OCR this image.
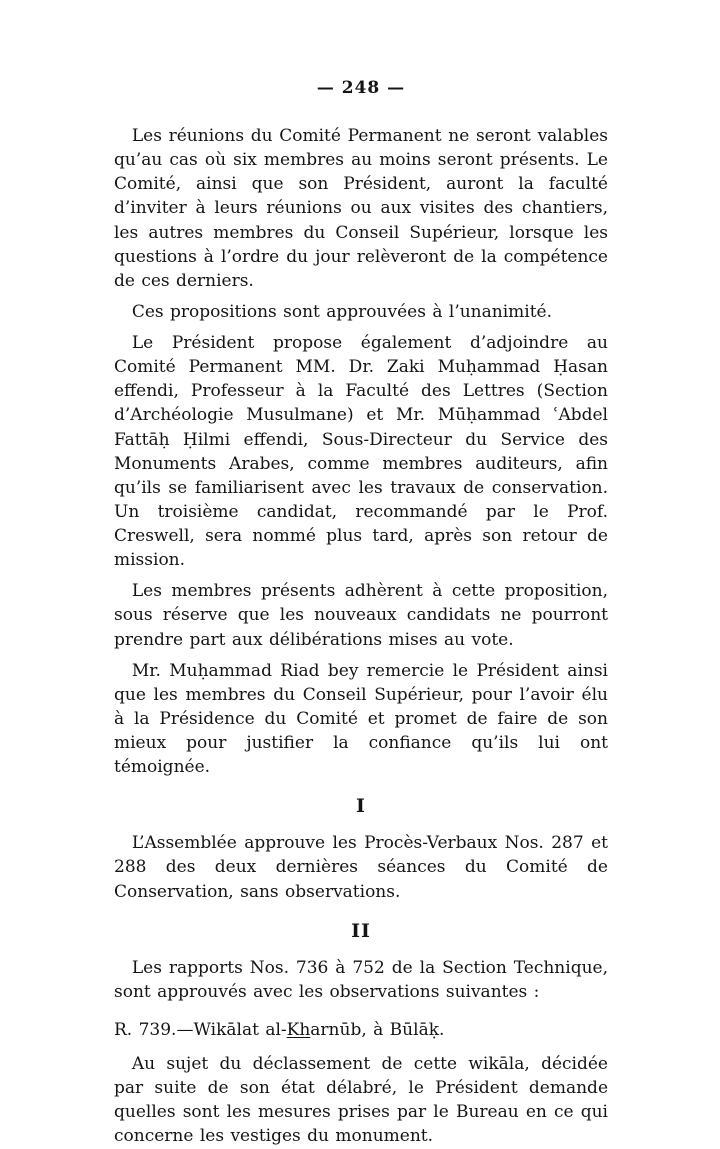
— 248 —

Les réunions du Comité Permanent ne seront valables qu’au cas où six membres au moins seront présents. Le Comité, ainsi que son Président, auront la faculté d’inviter à leurs réunions ou aux visites des chantiers, les autres membres du Conseil Supérieur, lorsque les questions à l’ordre du jour relèveront de la compétence de ces derniers.

Ces propositions sont approuvées à l’unanimité.

Le Président propose également d’adjoindre au Comité Permanent MM. Dr. Zaki Muḥammad Ḥasan effendi, Professeur à la Faculté des Lettres (Section d’Archéologie Musulmane) et Mr. Mūḥammad ʿAbdel Fattāḥ Ḥilmi effendi, Sous-Directeur du Service des Monuments Arabes, comme membres auditeurs, afin qu’ils se familiarisent avec les travaux de conservation. Un troisième candidat, recommandé par le Prof. Creswell, sera nommé plus tard, après son retour de mission.

Les membres présents adhèrent à cette proposition, sous réserve que les nouveaux candidats ne pourront prendre part aux délibérations mises au vote.

Mr. Muḥammad Riad bey remercie le Président ainsi que les membres du Conseil Supérieur, pour l’avoir élu à la Présidence du Comité et promet de faire de son mieux pour justifier la confiance qu’ils lui ont témoignée.

I

L’Assemblée approuve les Procès-Verbaux Nos. 287 et 288 des deux dernières séances du Comité de Conservation, sans observations.

II

Les rapports Nos. 736 à 752 de la Section Technique, sont approuvés avec les observations suivantes :

R. 739.—Wikālat al-Kharnūb, à Būlāḳ.

Au sujet du déclassement de cette wikāla, décidée par suite de son état délabré, le Président demande quelles sont les mesures prises par le Bureau en ce qui concerne les vestiges du monument.
